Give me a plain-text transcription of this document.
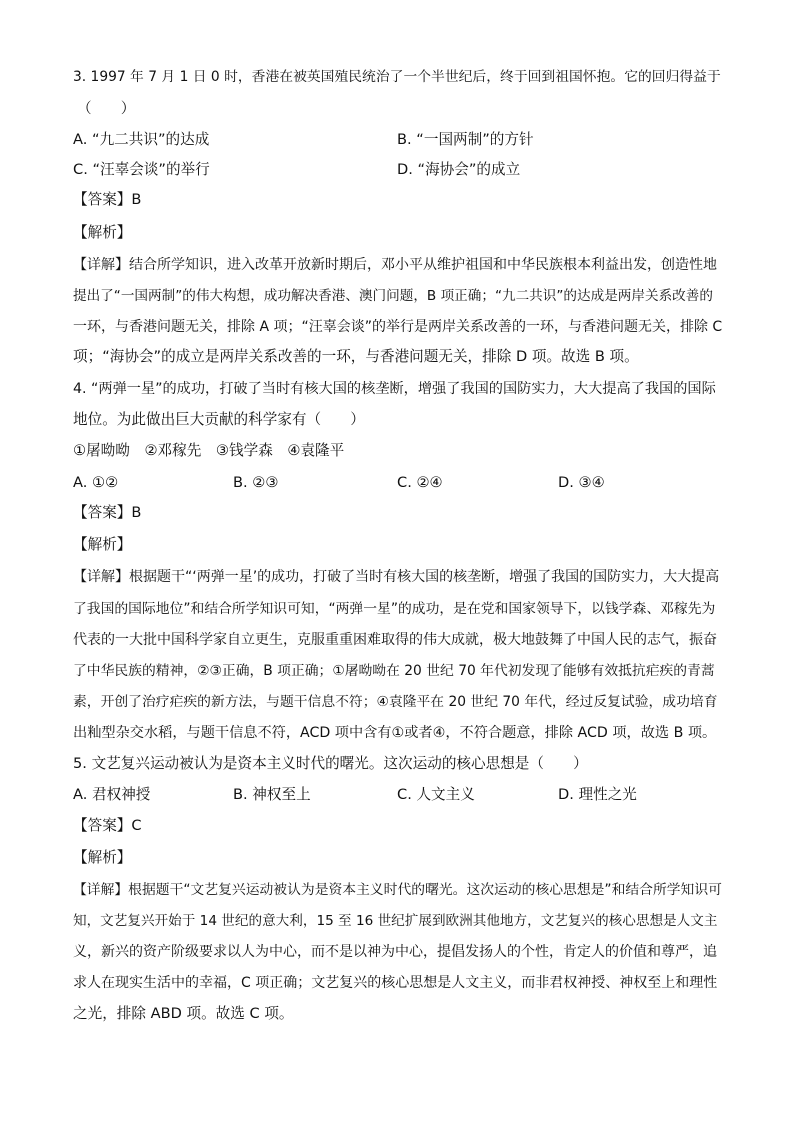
3. 1997 年 7 月 1 日 0 时，香港在被英国殖民统治了一个半世纪后，终于回到祖国怀抱。它的回归得益于
（　　）
A. “九二共识”的达成	B. “一国两制”的方针
C. “汪辜会谈”的举行	D. “海协会”的成立
【答案】B
【解析】
【详解】结合所学知识，进入改革开放新时期后，邓小平从维护祖国和中华民族根本利益出发，创造性地
提出了“一国两制”的伟大构想，成功解决香港、澳门问题，B 项正确；“九二共识”的达成是两岸关系改善的
一环，与香港问题无关，排除 A 项；“汪辜会谈”的举行是两岸关系改善的一环，与香港问题无关，排除 C
项；“海协会”的成立是两岸关系改善的一环，与香港问题无关，排除 D 项。故选 B 项。
4. “两弹一星”的成功，打破了当时有核大国的核垄断，增强了我国的国防实力，大大提高了我国的国际
地位。为此做出巨大贡献的科学家有（　　）
①屠呦呦　②邓稼先　③钱学森　④袁隆平
A. ①②	B. ②③	C. ②④	D. ③④
【答案】B
【解析】
【详解】根据题干“‘两弹一星’的成功，打破了当时有核大国的核垄断，增强了我国的国防实力，大大提高
了我国的国际地位”和结合所学知识可知，“两弹一星”的成功，是在党和国家领导下，以钱学森、邓稼先为
代表的一大批中国科学家自立更生，克服重重困难取得的伟大成就，极大地鼓舞了中国人民的志气，振奋
了中华民族的精神，②③正确，B 项正确；①屠呦呦在 20 世纪 70 年代初发现了能够有效抵抗疟疾的青蒿
素，开创了治疗疟疾的新方法，与题干信息不符；④袁隆平在 20 世纪 70 年代，经过反复试验，成功培育
出籼型杂交水稻，与题干信息不符，ACD 项中含有①或者④，不符合题意，排除 ACD 项，故选 B 项。
5. 文艺复兴运动被认为是资本主义时代的曙光。这次运动的核心思想是（　　）
A. 君权神授	B. 神权至上	C. 人文主义	D. 理性之光
【答案】C
【解析】
【详解】根据题干“文艺复兴运动被认为是资本主义时代的曙光。这次运动的核心思想是”和结合所学知识可
知，文艺复兴开始于 14 世纪的意大利，15 至 16 世纪扩展到欧洲其他地方，文艺复兴的核心思想是人文主
义，新兴的资产阶级要求以人为中心，而不是以神为中心，提倡发扬人的个性，肯定人的价值和尊严，追
求人在现实生活中的幸福，C 项正确；文艺复兴的核心思想是人文主义，而非君权神授、神权至上和理性
之光，排除 ABD 项。故选 C 项。
